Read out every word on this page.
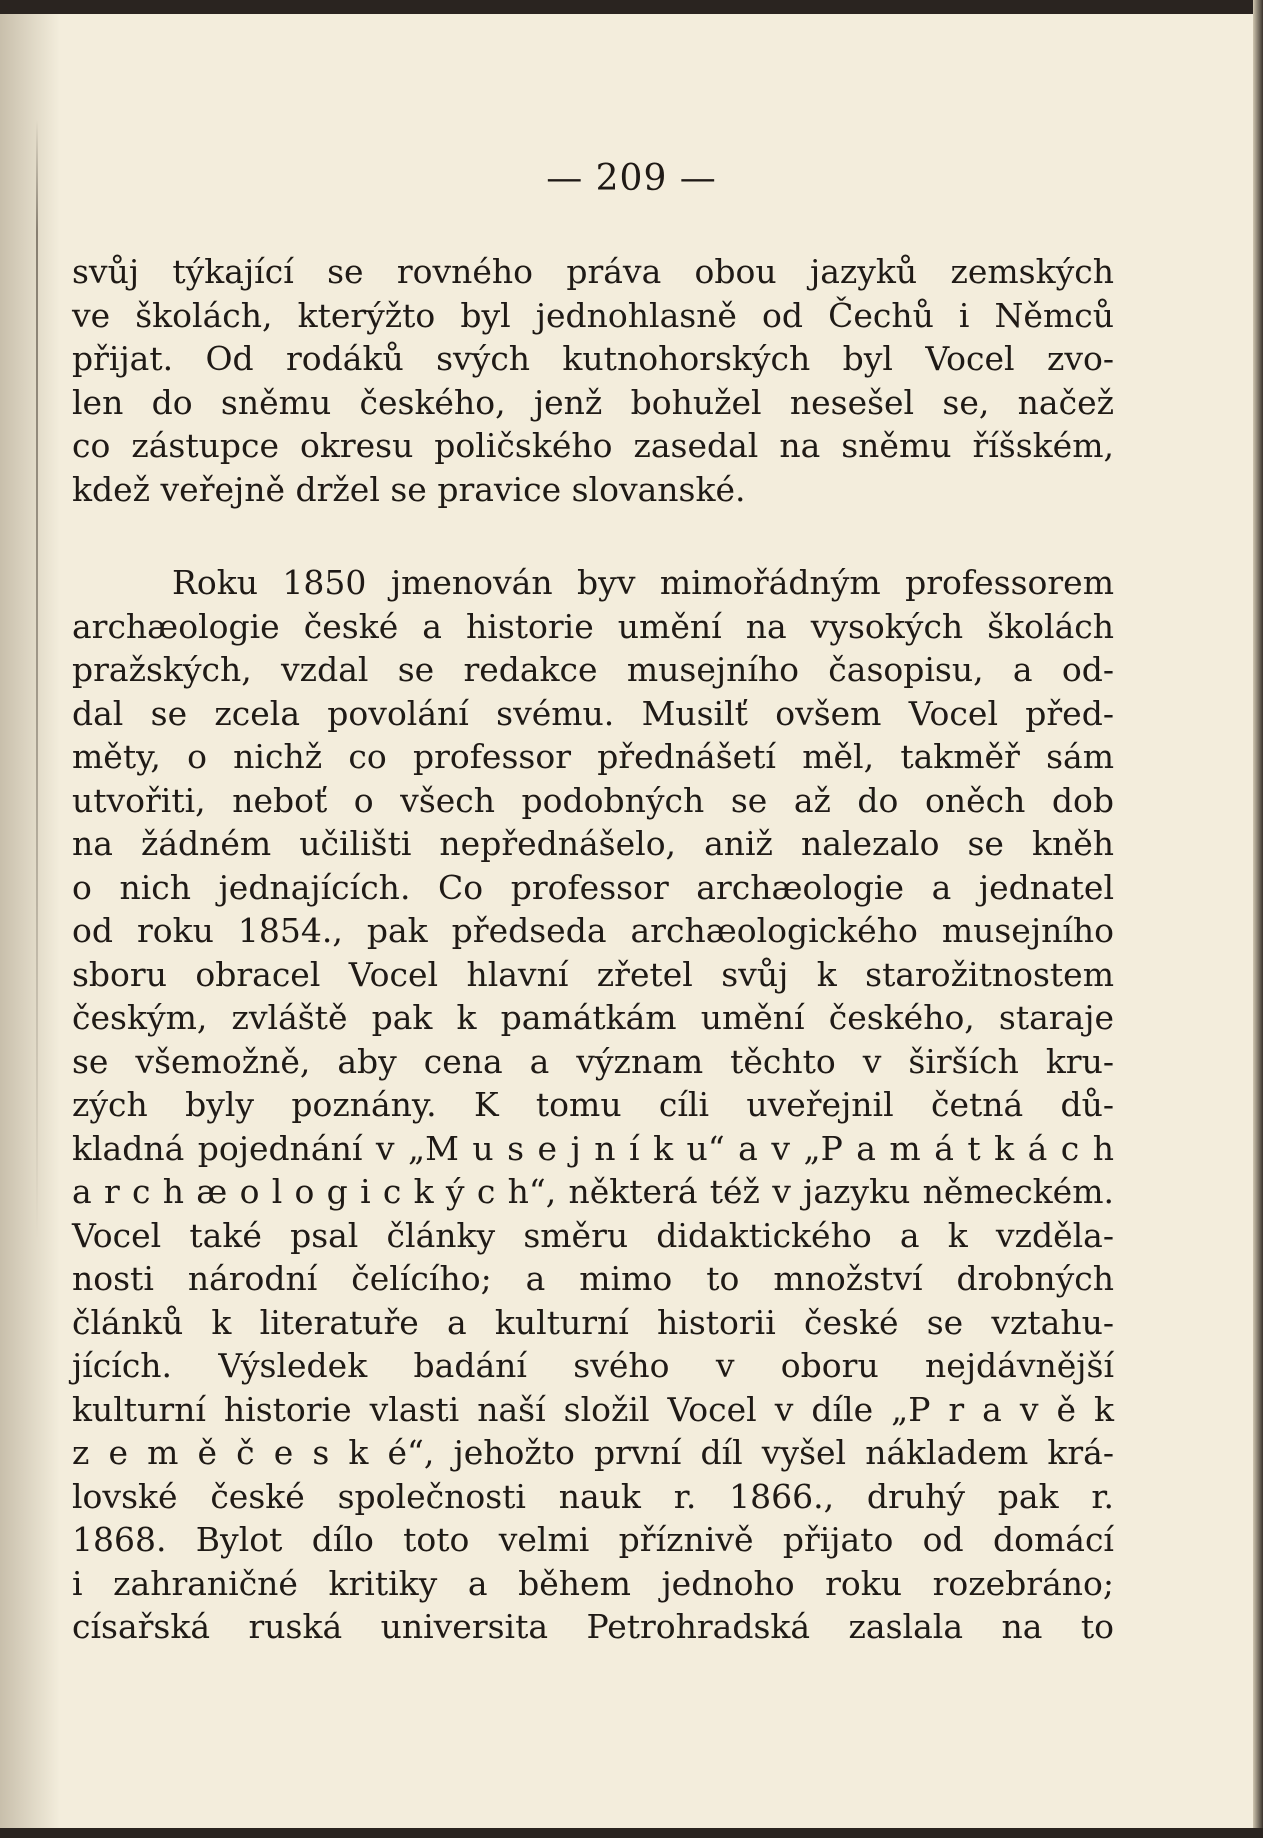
— 209 —
svůj týkající se rovného práva obou jazyků zemských
ve školách, kterýžto byl jednohlasně od Čechů i Němců
přijat. Od rodáků svých kutnohorských byl Vocel zvo-
len do sněmu českého, jenž bohužel nesešel se, načež
co zástupce okresu poličského zasedal na sněmu říšském,
kdež veřejně držel se pravice slovanské.
Roku 1850 jmenován byv mimořádným professorem
archæologie české a historie umění na vysokých školách
pražských, vzdal se redakce musejního časopisu, a od-
dal se zcela povolání svému. Musilť ovšem Vocel před-
měty, o nichž co professor přednášetí měl, takměř sám
utvořiti, neboť o všech podobných se až do oněch dob
na žádném učilišti nepřednášelo, aniž nalezalo se kněh
o nich jednajících. Co professor archæologie a jednatel
od roku 1854., pak předseda archæologického musejního
sboru obracel Vocel hlavní zřetel svůj k starožitnostem
českým, zvláště pak k památkám umění českého, staraje
se všemožně, aby cena a význam těchto v širších kru-
zých byly poznány. K tomu cíli uveřejnil četná dů-
kladná pojednání v „M u s e j n í k u“ a v „P a m á t k á c h
a r c h æ o l o g i c k ý c h“, některá též v jazyku německém.
Vocel také psal články směru didaktického a k vzděla-
nosti národní čelícího; a mimo to množství drobných
článků k literatuře a kulturní historii české se vztahu-
jících. Výsledek badání svého v oboru nejdávnější
kulturní historie vlasti naší složil Vocel v díle „P r a v ě k
z e m ě č e s k é“, jehožto první díl vyšel nákladem krá-
lovské české společnosti nauk r. 1866., druhý pak r.
1868. Bylot dílo toto velmi příznivě přijato od domácí
i zahraničné kritiky a během jednoho roku rozebráno;
císařská ruská universita Petrohradská zaslala na to
